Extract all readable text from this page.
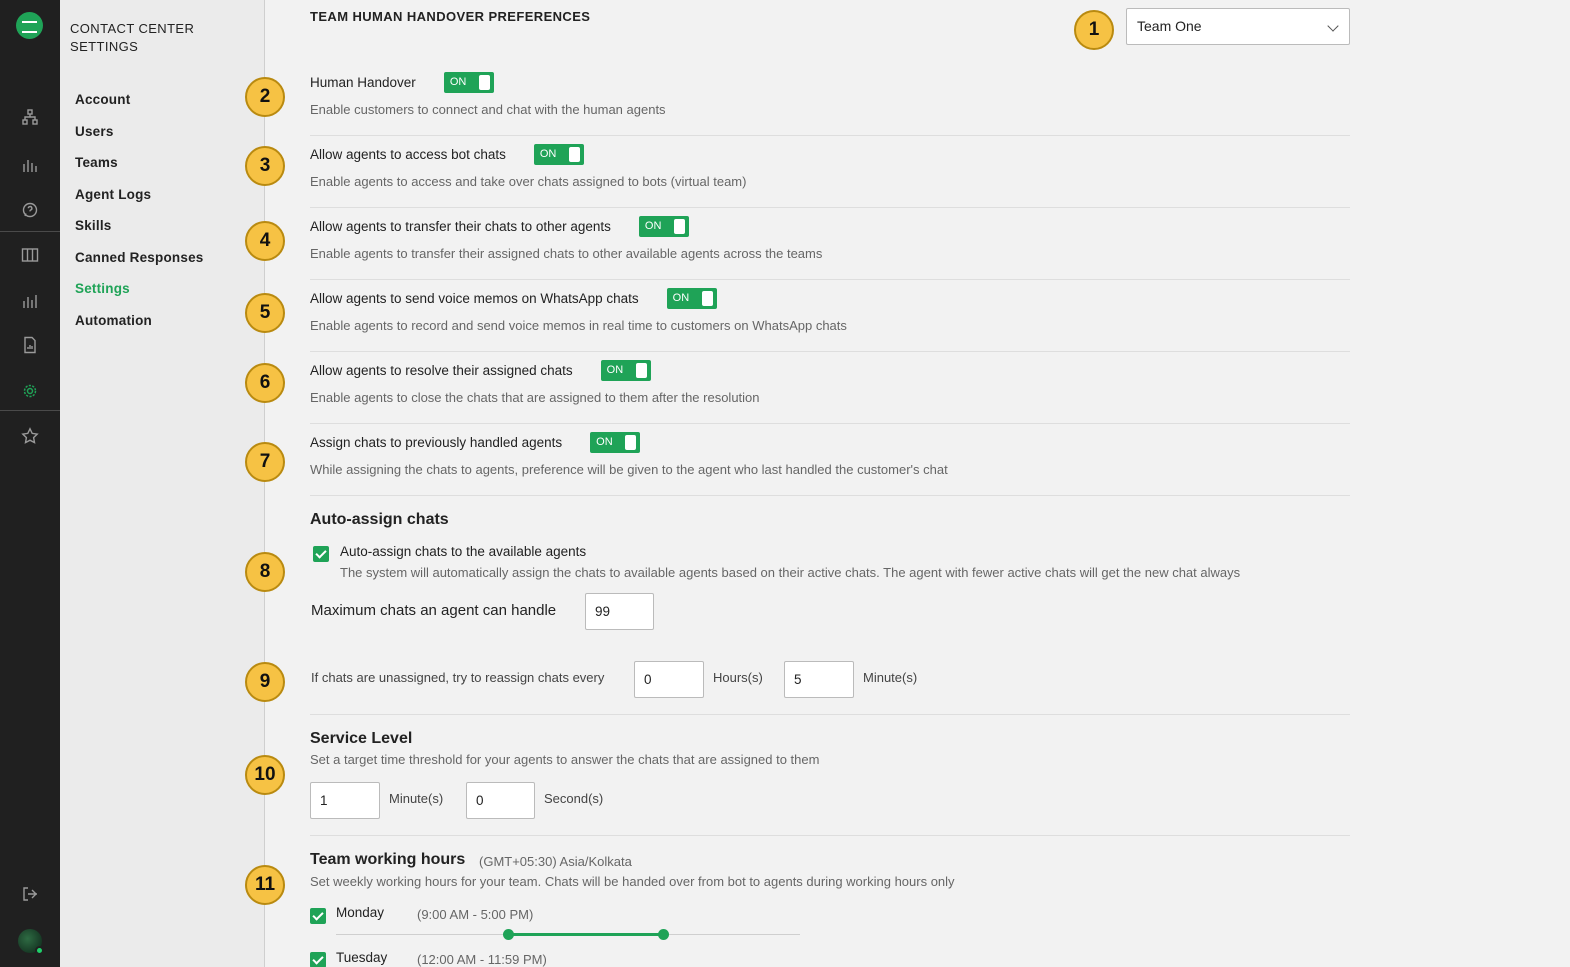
CONTACT CENTER SETTINGS
Account
Users
Teams
Agent Logs
Skills
Canned Responses
Settings
Automation
TEAM HUMAN HANDOVER PREFERENCES
Team One
1
2
3
4
5
6
7
8
9
10
11
Human Handover	ON
Enable customers to connect and chat with the human agents
Allow agents to access bot chats	ON
Enable agents to access and take over chats assigned to bots (virtual team)
Allow agents to transfer their chats to other agents	ON
Enable agents to transfer their assigned chats to other available agents across the teams
Allow agents to send voice memos on WhatsApp chats	ON
Enable agents to record and send voice memos in real time to customers on WhatsApp chats
Allow agents to resolve their assigned chats	ON
Enable agents to close the chats that are assigned to them after the resolution
Assign chats to previously handled agents	ON
While assigning the chats to agents, preference will be given to the agent who last handled the customer's chat
Auto-assign chats
Auto-assign chats to the available agents
The system will automatically assign the chats to available agents based on their active chats. The agent with fewer active chats will get the new chat always
Maximum chats an agent can handle
99
If chats are unassigned, try to reassign chats every
0	Hours(s)
5	Minute(s)
Service Level
Set a target time threshold for your agents to answer the chats that are assigned to them
1
Minute(s)
0	Second(s)
Team working hours (GMT+05:30) Asia/Kolkata
Set weekly working hours for your team. Chats will be handed over from bot to agents during working hours only
Monday	(9:00 AM - 5:00 PM)
Tuesday (12:00 AM - 11:59 PM)
